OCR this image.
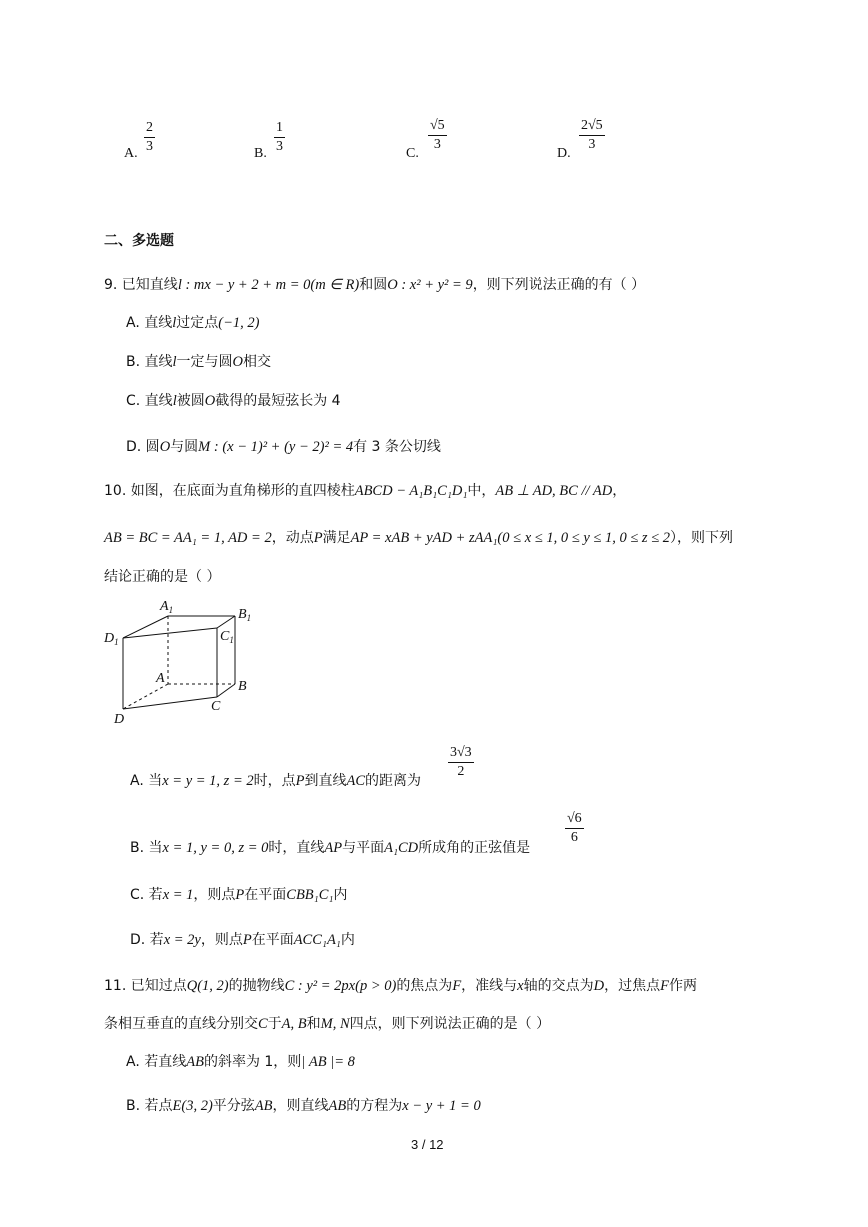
A. $\frac{2}{3}$	B. $\frac{1}{3}$	C.
$\frac{√5}{3}$
D.
$\frac{2√5}{3}$
二、多选题
9. 已知直线l : mx − y + 2 + m = 0(m ∈ R)和圆O : x² + y² = 9，则下列说法正确的有（ ）
A. 直线l过定点(−1, 2)
B. 直线l一定与圆O相交
C. 直线l被圆O截得的最短弦长为 4
D. 圆O与圆M : (x − 1)² + (y − 2)² = 4有 3 条公切线
10. 如图，在底面为直角梯形的直四棱柱ABCD − A₁B₁C₁D₁中，AB ⊥ AD, BC // AD，
AB = BC = AA₁ = 1, AD = 2，动点P满足AP = xAB + yAD + zAA₁(0 ≤ x ≤ 1, 0 ≤ y ≤ 1, 0 ≤ z ≤ 2），则下列
结论正确的是（ ）
$A_1$	$B_1$
$C_1$
$D_1$
A
B
C
D
A. 当x = y = 1, z = 2时，点P到直线AC的距离为
$\frac{3√3}{2}$
B. 当x = 1, y = 0, z = 0时，直线AP与平面A₁CD所成角的正弦值是
$\frac{√6}{6}$
C. 若x = 1，则点P在平面CBB₁C₁内
D. 若x = 2y，则点P在平面ACC₁A₁内
11. 已知过点Q(1, 2)的抛物线C : y² = 2px(p > 0)的焦点为F，准线与x轴的交点为D，过焦点F作两
条相互垂直的直线分别交C于A, B和M, N四点，则下列说法正确的是（ ）
A. 若直线AB的斜率为 1，则| AB |= 8
B. 若点E(3, 2)平分弦AB，则直线AB的方程为x − y + 1 = 0
3 / 12
